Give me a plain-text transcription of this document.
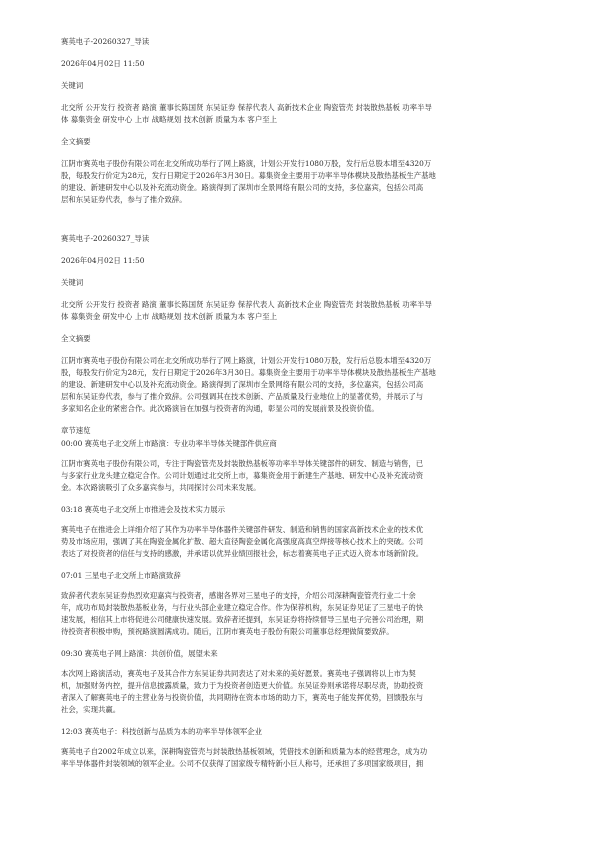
赛英电子-20260327_导读
2026年04月02日 11:50
关键词
北交所 公开发行 投资者 路演 董事长陈国贤 东吴证券 保荐代表人 高新技术企业 陶瓷管壳 封装散热基板 功率半导
体 募集资金 研发中心 上市 战略规划 技术创新 质量为本 客户至上
全文摘要
江阴市赛英电子股份有限公司在北交所成功举行了网上路演，计划公开发行1080万股，发行后总股本增至4320万
股，每股发行价定为28元，发行日期定于2026年3月30日。募集资金主要用于功率半导体模块及散热基板生产基地
的建设、新建研发中心以及补充流动资金。路演得到了深圳市全景网络有限公司的支持，多位嘉宾，包括公司高
层和东吴证券代表，参与了推介致辞。
赛英电子-20260327_导读
2026年04月02日 11:50
关键词
北交所 公开发行 投资者 路演 董事长陈国贤 东吴证券 保荐代表人 高新技术企业 陶瓷管壳 封装散热基板 功率半导
体 募集资金 研发中心 上市 战略规划 技术创新 质量为本 客户至上
全文摘要
江阴市赛英电子股份有限公司在北交所成功举行了网上路演，计划公开发行1080万股，发行后总股本增至4320万
股，每股发行价定为28元，发行日期定于2026年3月30日。募集资金主要用于功率半导体模块及散热基板生产基地
的建设、新建研发中心以及补充流动资金。路演得到了深圳市全景网络有限公司的支持，多位嘉宾，包括公司高
层和东吴证券代表，参与了推介致辞。公司强调其在技术创新、产品质量及行业地位上的显著优势，并展示了与
多家知名企业的紧密合作。此次路演旨在加强与投资者的沟通，彰显公司的发展前景及投资价值。
章节速览
00:00 赛英电子北交所上市路演：专业功率半导体关键部件供应商
江阴市赛英电子股份有限公司，专注于陶瓷管壳及封装散热基板等功率半导体关键部件的研发、制造与销售，已
与多家行业龙头建立稳定合作。公司计划通过北交所上市，募集资金用于新建生产基地、研发中心及补充流动资
金。本次路演吸引了众多嘉宾参与，共同探讨公司未来发展。
03:18 赛英电子北交所上市推进会及技术实力展示
赛英电子在推进会上详细介绍了其作为功率半导体器件关键部件研发、制造和销售的国家高新技术企业的技术优
势及市场应用，强调了其在陶瓷金属化扩散、超大直径陶瓷金属化高强度高真空焊接等核心技术上的突破。公司
表达了对投资者的信任与支持的感激，并承诺以优异业绩回报社会，标志着赛英电子正式迈入资本市场新阶段。
07:01 三星电子北交所上市路演致辞
致辞者代表东吴证券热烈欢迎嘉宾与投资者，感谢各界对三星电子的支持，介绍公司深耕陶瓷管壳行业二十余
年，成功布局封装散热基板业务，与行业头部企业建立稳定合作。作为保荐机构，东吴证券见证了三星电子的快
速发展，相信其上市将促进公司健康快速发展。致辞者还提到，东吴证券将持续督导三星电子完善公司治理，期
待投资者积极申购，预祝路演圆满成功。随后，江阴市赛英电子股份有限公司董事总经理做简要致辞。
09:30 赛英电子网上路演：共创价值，展望未来
本次网上路演活动，赛英电子及其合作方东吴证券共同表达了对未来的美好愿景。赛英电子强调将以上市为契
机，加强财务内控，提升信息披露质量，致力于为投资者创造更大价值。东吴证券则承诺将尽职尽责，协助投资
者深入了解赛英电子的主营业务与投资价值，共同期待在资本市场的助力下，赛英电子能发挥优势，回馈股东与
社会，实现共赢。
12:03 赛英电子：科技创新与品质为本的功率半导体领军企业
赛英电子自2002年成立以来，深耕陶瓷管壳与封装散热基板领域，凭借技术创新和质量为本的经营理念，成为功
率半导体器件封装领域的领军企业。公司不仅获得了国家级专精特新小巨人称号，还承担了多项国家级项目，拥
